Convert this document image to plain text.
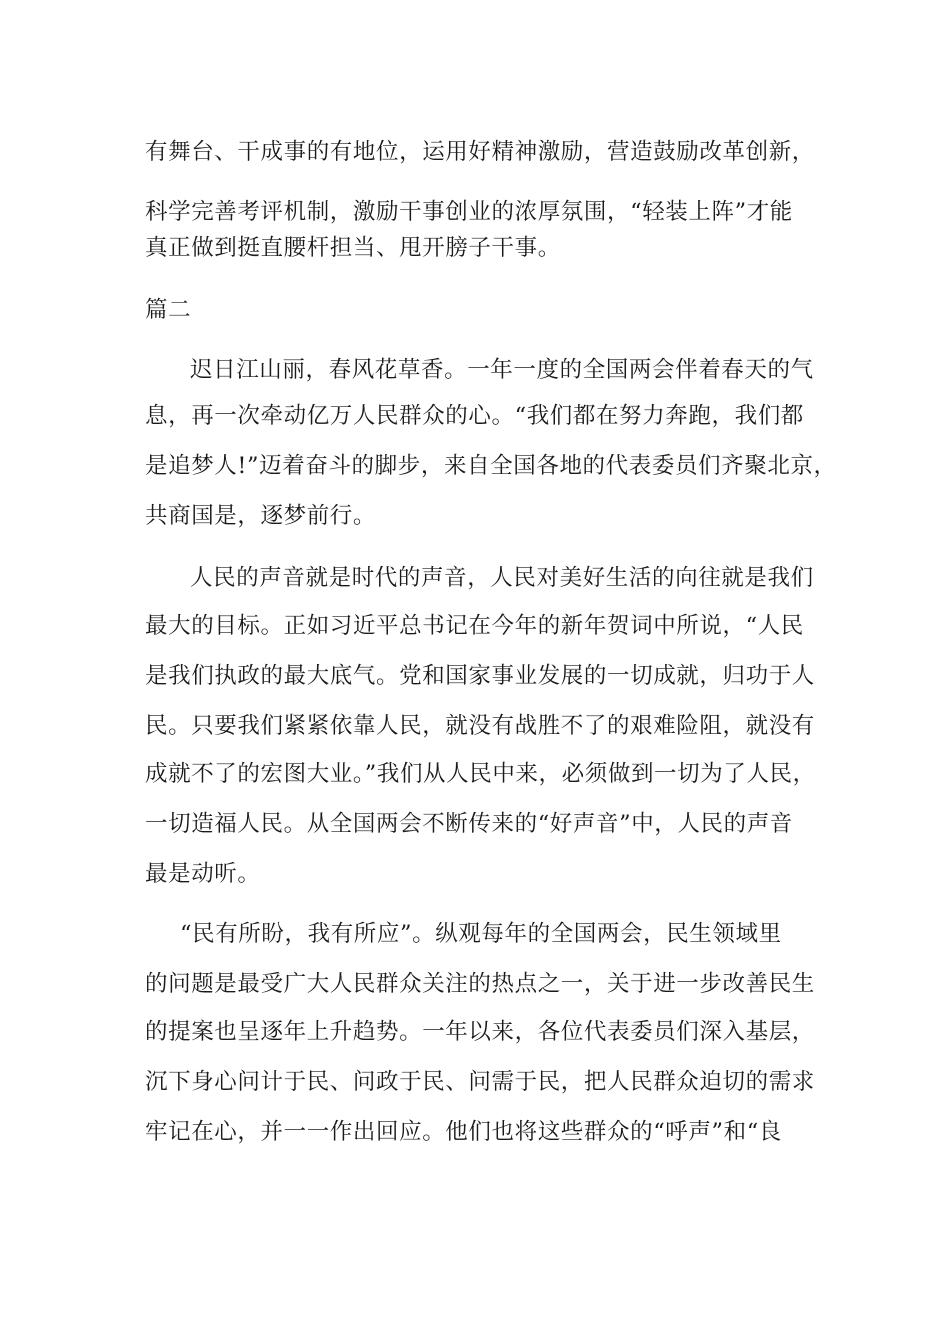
有舞台、干成事的有地位，运用好精神激励，营造鼓励改革创新，
科学完善考评机制，激励干事创业的浓厚氛围，“轻装上阵”才能
真正做到挺直腰杆担当、甩开膀子干事。
篇二
迟日江山丽，春风花草香。一年一度的全国两会伴着春天的气
息，再一次牵动亿万人民群众的心。“我们都在努力奔跑，我们都
是追梦人!”迈着奋斗的脚步，来自全国各地的代表委员们齐聚北京，
共商国是，逐梦前行。
人民的声音就是时代的声音，人民对美好生活的向往就是我们
最大的目标。正如习近平总书记在今年的新年贺词中所说，“人民
是我们执政的最大底气。党和国家事业发展的一切成就，归功于人
民。只要我们紧紧依靠人民，就没有战胜不了的艰难险阻，就没有
成就不了的宏图大业。”我们从人民中来，必须做到一切为了人民，
一切造福人民。从全国两会不断传来的“好声音”中，人民的声音
最是动听。
“民有所盼，我有所应”。纵观每年的全国两会，民生领域里
的问题是最受广大人民群众关注的热点之一，关于进一步改善民生
的提案也呈逐年上升趋势。一年以来，各位代表委员们深入基层，
沉下身心问计于民、问政于民、问需于民，把人民群众迫切的需求
牢记在心，并一一作出回应。他们也将这些群众的“呼声”和“良
